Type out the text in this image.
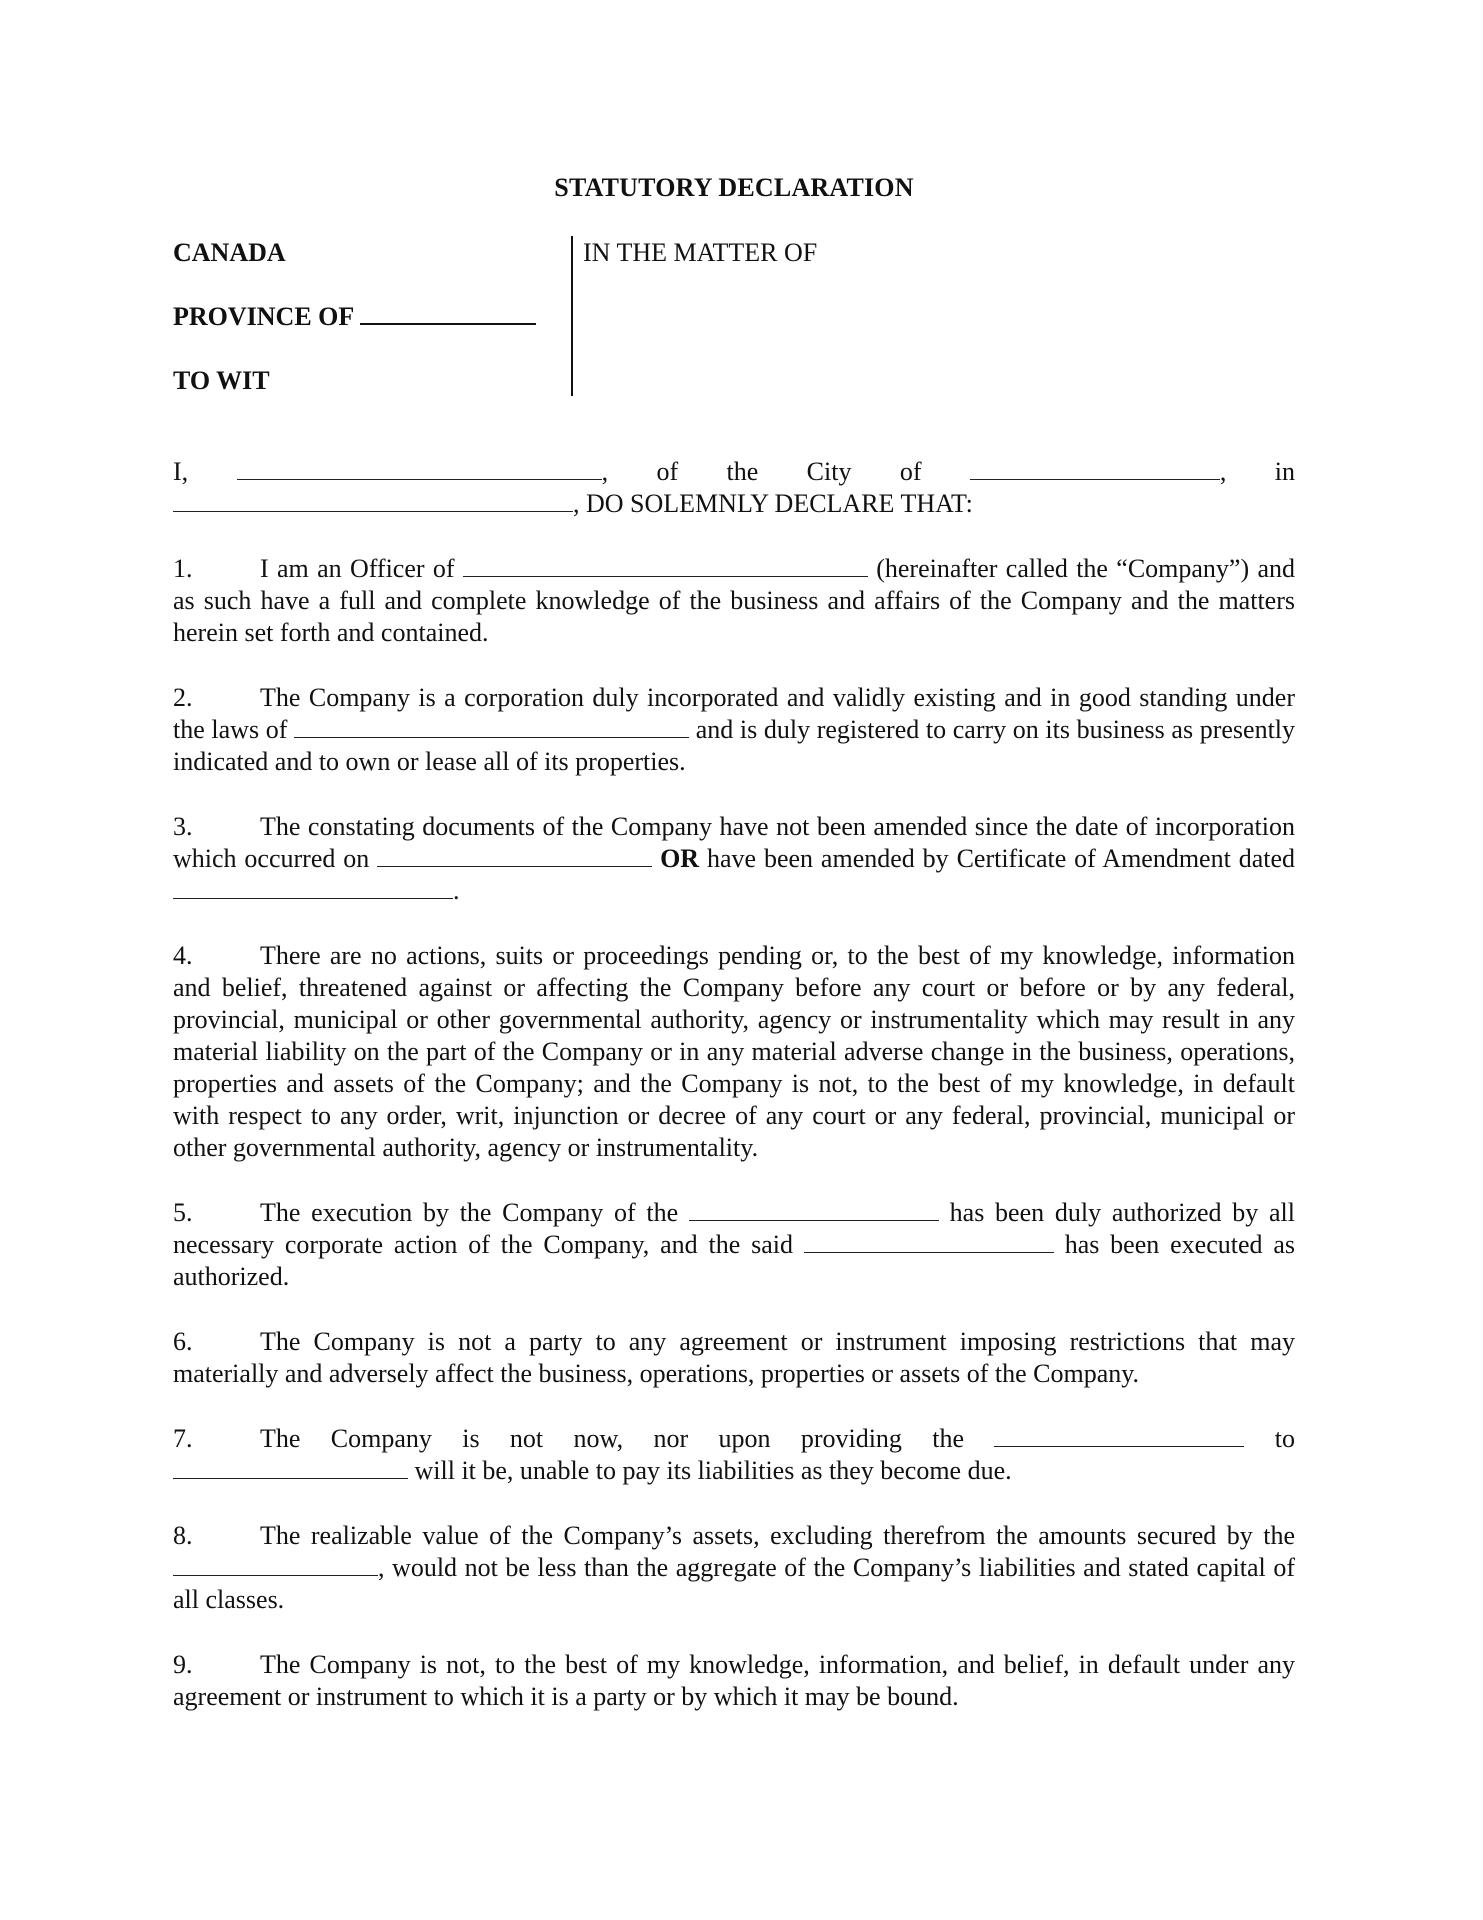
STATUTORY DECLARATION
CANADA
PROVINCE OF
TO WIT
IN THE MATTER OF
I,	, of the City of	, in
, DO SOLEMNLY DECLARE THAT:
1.	I am an Officer of	(hereinafter called the “Company”) and as such have a full and complete knowledge of the business and affairs of the Company and the matters herein set forth and contained.
2.	The Company is a corporation duly incorporated and validly existing and in good standing under the laws of	and is duly registered to carry on its business as presently indicated and to own or lease all of its properties.
3.	The constating documents of the Company have not been amended since the date of incorporation which occurred on	OR have been amended by Certificate of Amendment dated .
4.	There are no actions, suits or proceedings pending or, to the best of my knowledge, information and belief, threatened against or affecting the Company before any court or before or by any federal, provincial, municipal or other governmental authority, agency or instrumentality which may result in any material liability on the part of the Company or in any material adverse change in the business, operations, properties and assets of the Company; and the Company is not, to the best of my knowledge, in default with respect to any order, writ, injunction or decree of any court or any federal, provincial, municipal or other governmental authority, agency or instrumentality.
5.	The execution by the Company of the	has been duly authorized by all necessary corporate action of the Company, and the said	has been executed as authorized.
6.	The Company is not a party to any agreement or instrument imposing restrictions that may materially and adversely affect the business, operations, properties or assets of the Company.
7.	The Company is not now, nor upon providing the	to  will it be, unable to pay its liabilities as they become due.
8.	The realizable value of the Company’s assets, excluding therefrom the amounts secured by the , would not be less than the aggregate of the Company’s liabilities and stated capital of all classes.
9.	The Company is not, to the best of my knowledge, information, and belief, in default under any agreement or instrument to which it is a party or by which it may be bound.
